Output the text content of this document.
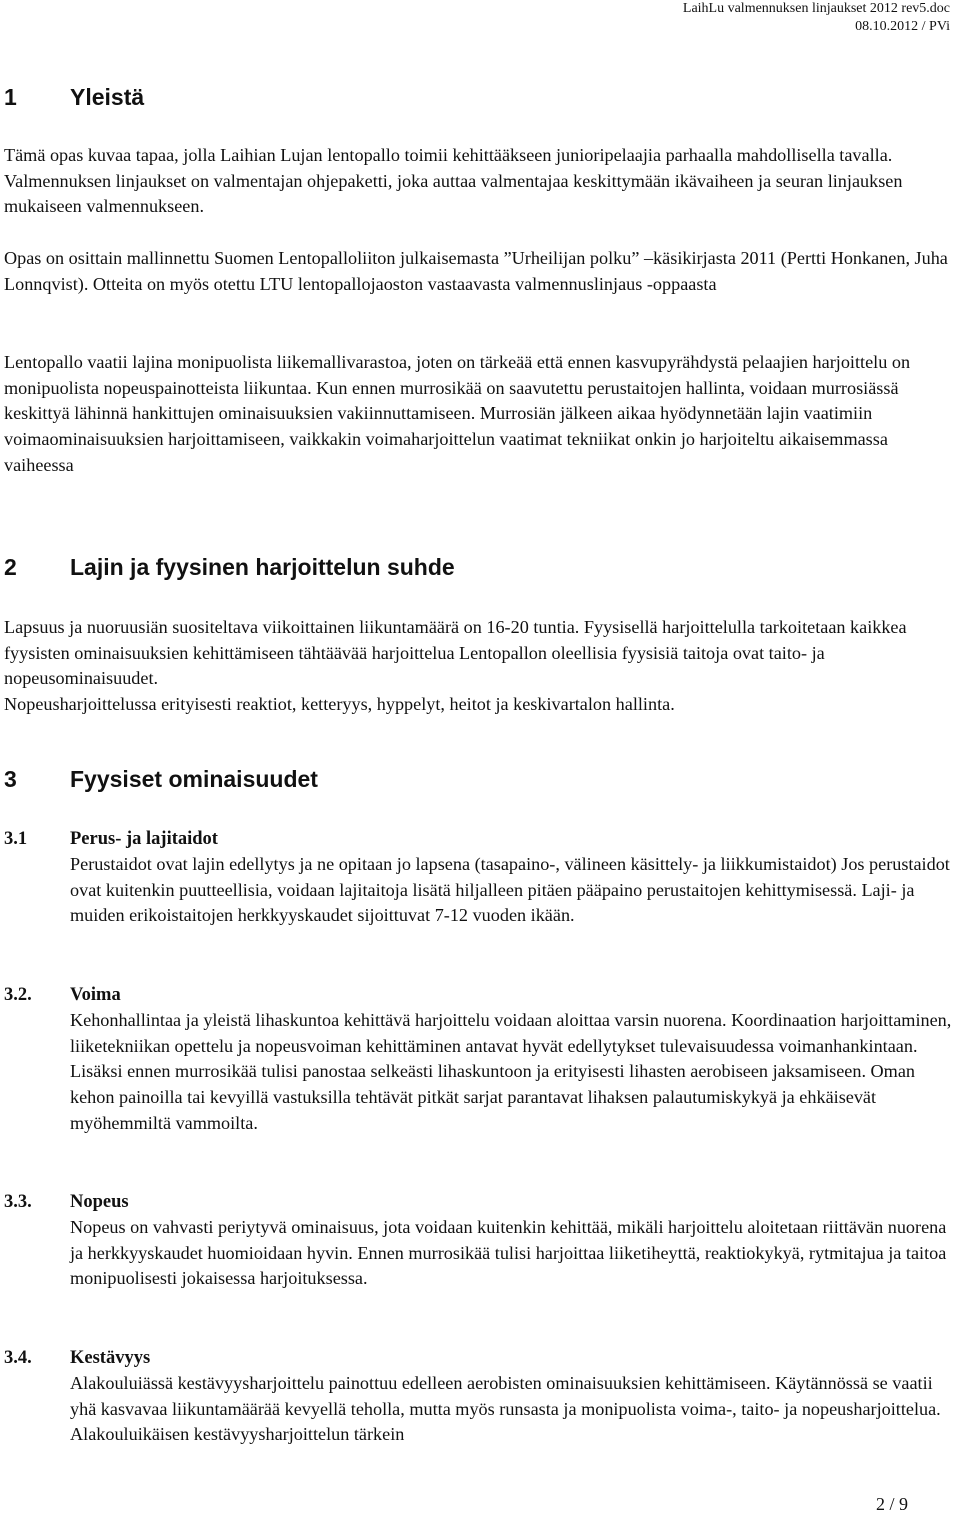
LaihLu valmennuksen linjaukset 2012 rev5.doc
08.10.2012 / PVi
1 Yleistä

Tämä opas kuvaa tapaa, jolla Laihian Lujan lentopallo toimii kehittääkseen junioripelaajia parhaalla mahdollisella tavalla. Valmennuksen linjaukset on valmentajan ohjepaketti, joka auttaa valmentajaa keskittymään ikävaiheen ja seuran linjauksen mukaiseen valmennukseen.

Opas on osittain mallinnettu Suomen Lentopalloliiton julkaisemasta ”Urheilijan polku” –käsikirjasta 2011 (Pertti Honkanen, Juha Lonnqvist). Otteita on myös otettu LTU lentopallojaoston vastaavasta valmennuslinjaus -oppaasta

Lentopallo vaatii lajina monipuolista liikemallivarastoa, joten on tärkeää että ennen kasvupyrähdystä pelaajien harjoittelu on monipuolista nopeuspainotteista liikuntaa. Kun ennen murrosikää on saavutettu perustaitojen hallinta, voidaan murrosiässä keskittyä lähinnä hankittujen ominaisuuksien vakiinnuttamiseen. Murrosiän jälkeen aikaa hyödynnetään lajin vaatimiin voimaominaisuuksien harjoittamiseen, vaikkakin voimaharjoittelun vaatimat tekniikat onkin jo harjoiteltu aikaisemmassa vaiheessa

2 Lajin ja fyysinen harjoittelun suhde

Lapsuus ja nuoruusiän suositeltava viikoittainen liikuntamäärä on 16-20 tuntia. Fyysisellä harjoittelulla tarkoitetaan kaikkea fyysisten ominaisuuksien kehittämiseen tähtäävää harjoittelua Lentopallon oleellisia fyysisiä taitoja ovat taito- ja nopeusominaisuudet.

Nopeusharjoittelussa erityisesti reaktiot, ketteryys, hyppelyt, heitot ja keskivartalon hallinta.

3 Fyysiset ominaisuudet
3.1 Perus- ja lajitaidot

Perustaidot ovat lajin edellytys ja ne opitaan jo lapsena (tasapaino-, välineen käsittely- ja liikkumistaidot) Jos perustaidot ovat kuitenkin puutteellisia, voidaan lajitaitoja lisätä hiljalleen pitäen pääpaino perustaitojen kehittymisessä. Laji- ja muiden erikoistaitojen herkkyyskaudet sijoittuvat 7-12 vuoden ikään.

3.2. Voima

Kehonhallintaa ja yleistä lihaskuntoa kehittävä harjoittelu voidaan aloittaa varsin nuorena. Koordinaation harjoittaminen, liiketekniikan opettelu ja nopeusvoiman kehittäminen antavat hyvät edellytykset tulevaisuudessa voimanhankintaan. Lisäksi ennen murrosikää tulisi panostaa selkeästi lihaskuntoon ja erityisesti lihasten aerobiseen jaksamiseen. Oman kehon painoilla tai kevyillä vastuksilla tehtävät pitkät sarjat parantavat lihaksen palautumiskykyä ja ehkäisevät myöhemmiltä vammoilta.

3.3. Nopeus

Nopeus on vahvasti periytyvä ominaisuus, jota voidaan kuitenkin kehittää, mikäli harjoittelu aloitetaan riittävän nuorena ja herkkyyskaudet huomioidaan hyvin. Ennen murrosikää tulisi harjoittaa liiketiheyttä, reaktiokykyä, rytmitajua ja taitoa monipuolisesti jokaisessa harjoituksessa.

3.4. Kestävyys

Alakouluiässä kestävyysharjoittelu painottuu edelleen aerobisten ominaisuuksien kehittämiseen. Käytännössä se vaatii yhä kasvavaa liikuntamäärää kevyellä teholla, mutta myös runsasta ja monipuolista voima-, taito- ja nopeusharjoittelua. Alakouluikäisen kestävyysharjoittelun tärkein

2 / 9
